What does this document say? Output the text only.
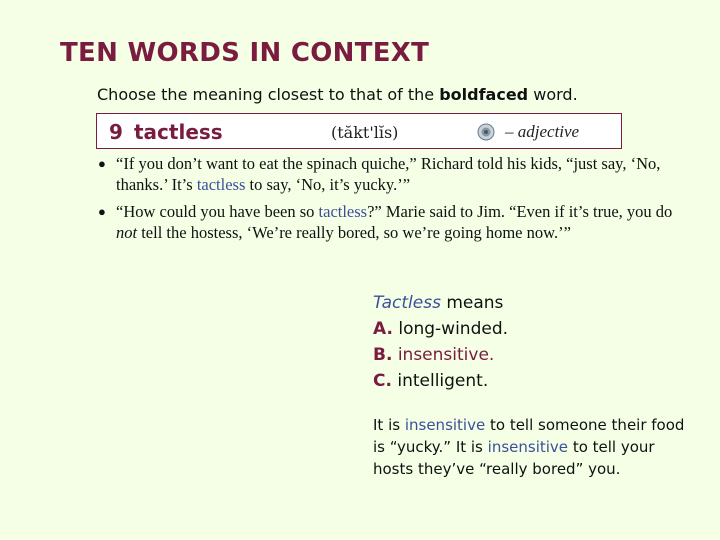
TEN WORDS IN CONTEXT
Choose the meaning closest to that of the boldfaced word.
9 tactless	(tăkt'lĭs)	– adjective
● “If you don’t want to eat the spinach quiche,” Richard told his kids, “just say, ‘No, thanks.’ It’s tactless to say, ‘No, it’s yucky.’”
● “How could you have been so tactless?” Marie said to Jim. “Even if it’s true, you do not tell the hostess, ‘We’re really bored, so we’re going home now.’”
Tactless means
A. long-winded.
B. insensitive.
C. intelligent.
It is insensitive to tell someone their food is “yucky.” It is insensitive to tell your hosts they’ve “really bored” you.
